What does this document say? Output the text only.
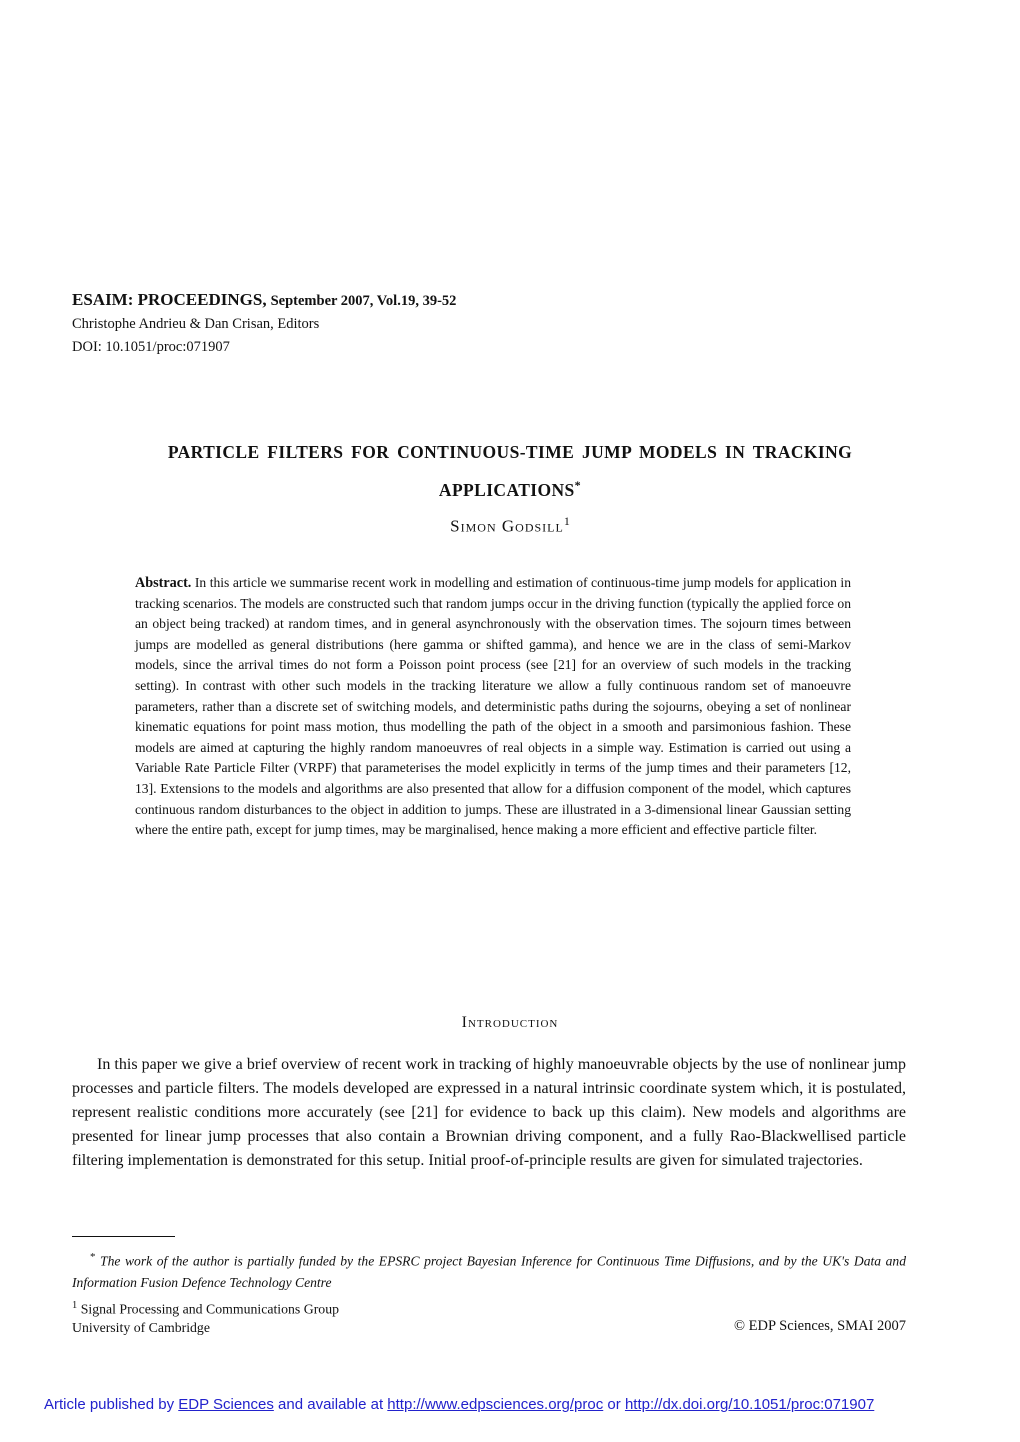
ESAIM: PROCEEDINGS, September 2007, Vol.19, 39-52
Christophe Andrieu & Dan Crisan, Editors
DOI: 10.1051/proc:071907
PARTICLE FILTERS FOR CONTINUOUS-TIME JUMP MODELS IN TRACKING
APPLICATIONS*
Simon Godsill$^1$
Abstract. In this article we summarise recent work in modelling and estimation of continuous-time jump models for application in tracking scenarios. The models are constructed such that random jumps occur in the driving function (typically the applied force on an object being tracked) at random times, and in general asynchronously with the observation times. The sojourn times between jumps are modelled as general distributions (here gamma or shifted gamma), and hence we are in the class of semi-Markov models, since the arrival times do not form a Poisson point process (see [21] for an overview of such models in the tracking setting). In contrast with other such models in the tracking literature we allow a fully continuous random set of manoeuvre parameters, rather than a discrete set of switching models, and deterministic paths during the sojourns, obeying a set of nonlinear kinematic equations for point mass motion, thus modelling the path of the object in a smooth and parsimonious fashion. These models are aimed at capturing the highly random manoeuvres of real objects in a simple way. Estimation is carried out using a Variable Rate Particle Filter (VRPF) that parameterises the model explicitly in terms of the jump times and their parameters [12, 13]. Extensions to the models and algorithms are also presented that allow for a diffusion component of the model, which captures continuous random disturbances to the object in addition to jumps. These are illustrated in a 3-dimensional linear Gaussian setting where the entire path, except for jump times, may be marginalised, hence making a more efficient and effective particle filter.
Introduction
In this paper we give a brief overview of recent work in tracking of highly manoeuvrable objects by the use of nonlinear jump processes and particle filters. The models developed are expressed in a natural intrinsic coordinate system which, it is postulated, represent realistic conditions more accurately (see [21] for evidence to back up this claim). New models and algorithms are presented for linear jump processes that also contain a Brownian driving component, and a fully Rao-Blackwellised particle filtering implementation is demonstrated for this setup. Initial proof-of-principle results are given for simulated trajectories.
* The work of the author is partially funded by the EPSRC project Bayesian Inference for Continuous Time Diffusions, and by the UK's Data and Information Fusion Defence Technology Centre
$^1$ Signal Processing and Communications Group
University of Cambridge	© EDP Sciences, SMAI 2007
Article published by EDP Sciences and available at http://www.edpsciences.org/proc or http://dx.doi.org/10.1051/proc:071907
